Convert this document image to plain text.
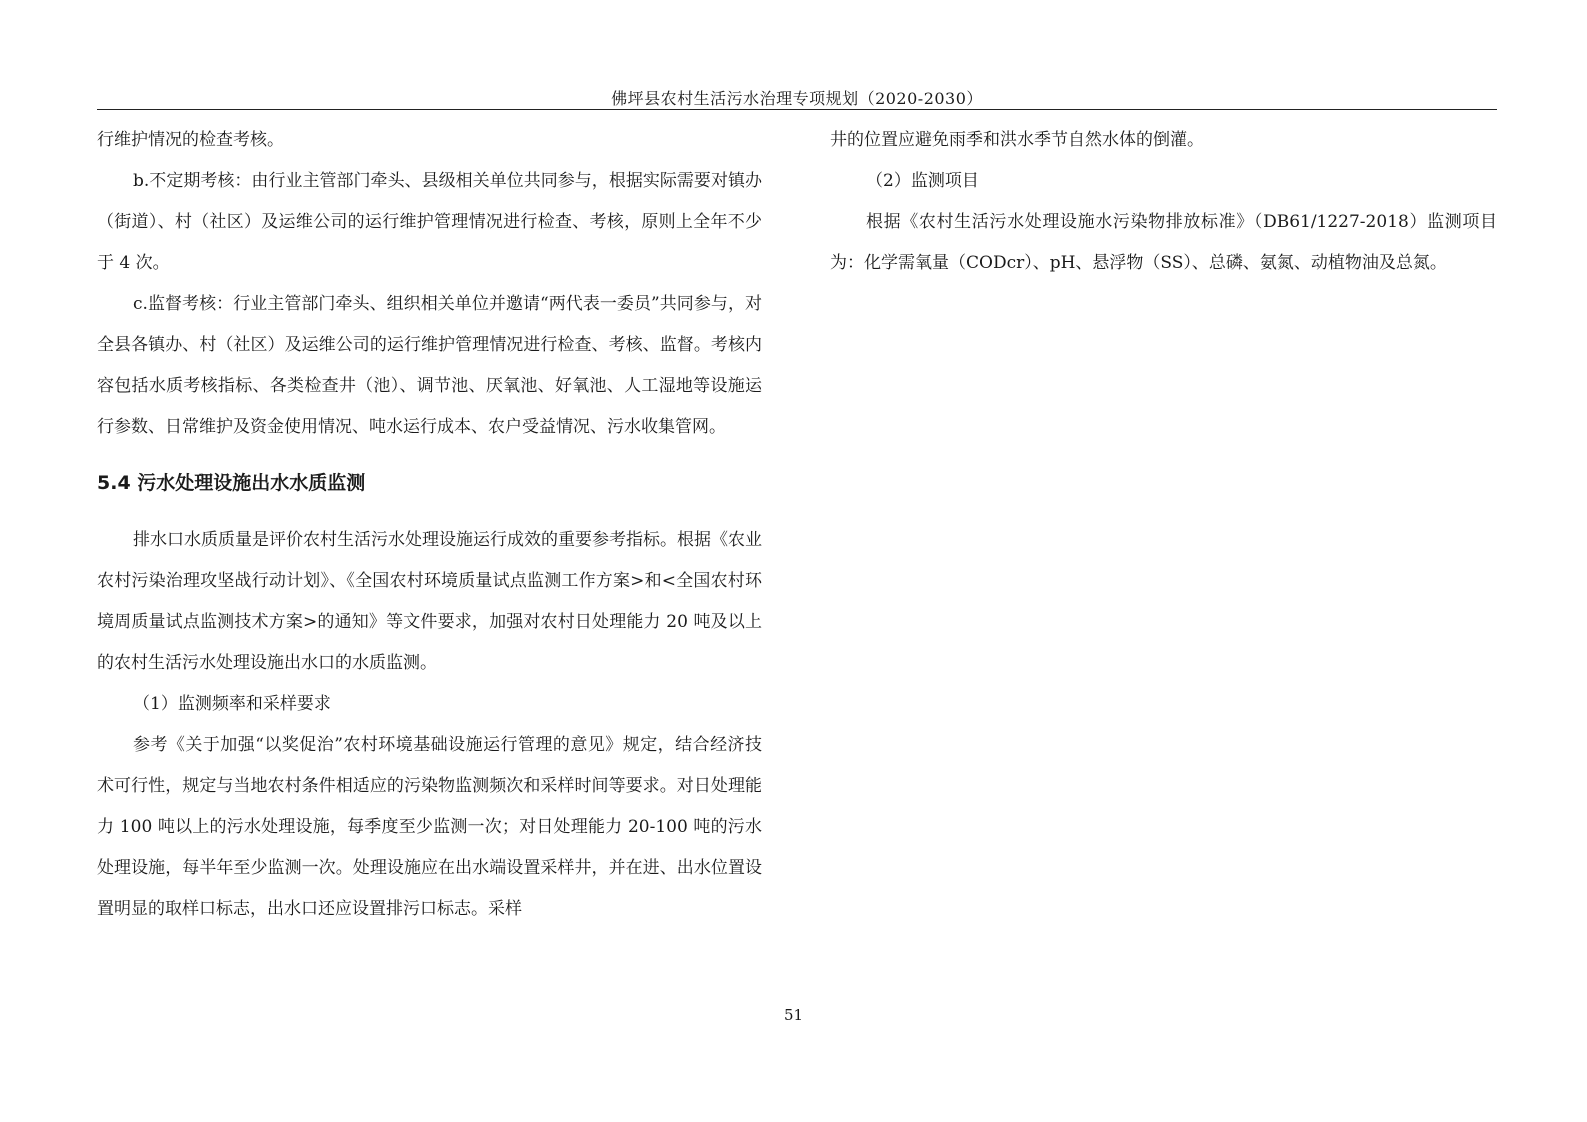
佛坪县农村生活污水治理专项规划（2020-2030）

行维护情况的检查考核。

b.不定期考核：由行业主管部门牵头、县级相关单位共同参与，根据实际需要对镇办（街道）、村（社区）及运维公司的运行维护管理情况进行检查、考核，原则上全年不少于 4 次。

c.监督考核：行业主管部门牵头、组织相关单位并邀请“两代表一委员”共同参与，对全县各镇办、村（社区）及运维公司的运行维护管理情况进行检查、考核、监督。考核内容包括水质考核指标、各类检查井（池）、调节池、厌氧池、好氧池、人工湿地等设施运行参数、日常维护及资金使用情况、吨水运行成本、农户受益情况、污水收集管网。

5.4 污水处理设施出水水质监测

排水口水质质量是评价农村生活污水处理设施运行成效的重要参考指标。根据《农业农村污染治理攻坚战行动计划》、《全国农村环境质量试点监测工作方案>和<全国农村环境周质量试点监测技术方案>的通知》等文件要求，加强对农村日处理能力 20 吨及以上的农村生活污水处理设施出水口的水质监测。

（1）监测频率和采样要求

参考《关于加强“以奖促治”农村环境基础设施运行管理的意见》规定，结合经济技术可行性，规定与当地农村条件相适应的污染物监测频次和采样时间等要求。对日处理能力 100 吨以上的污水处理设施，每季度至少监测一次；对日处理能力 20-100 吨的污水处理设施，每半年至少监测一次。处理设施应在出水端设置采样井，并在进、出水位置设置明显的取样口标志，出水口还应设置排污口标志。采样

井的位置应避免雨季和洪水季节自然水体的倒灌。

（2）监测项目

根据《农村生活污水处理设施水污染物排放标准》（DB61/1227-2018）监测项目为：化学需氧量（CODcr）、pH、悬浮物（SS）、总磷、氨氮、动植物油及总氮。

51
